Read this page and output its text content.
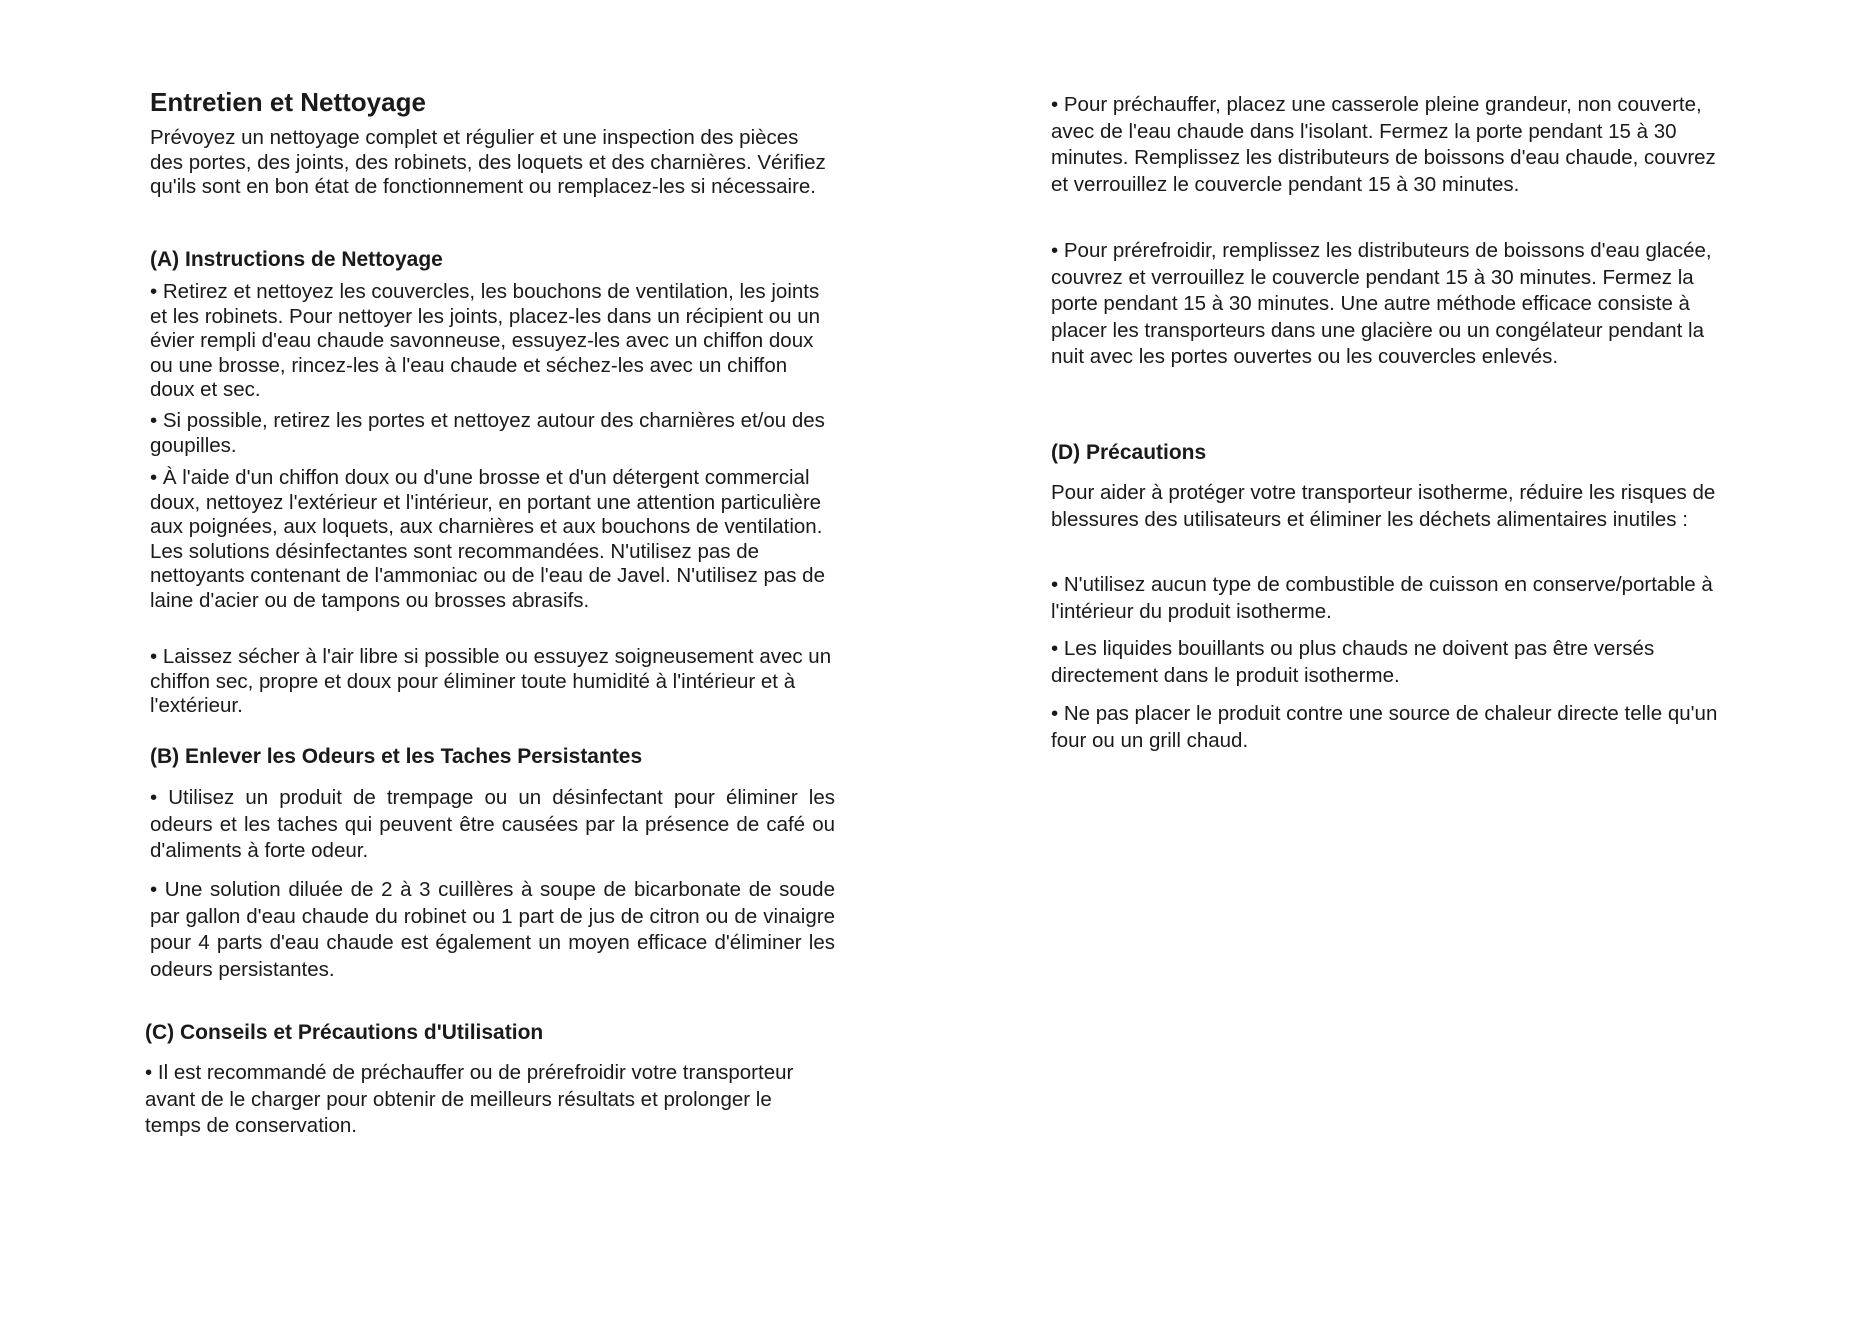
Entretien et Nettoyage

Prévoyez un nettoyage complet et régulier et une inspection des pièces des portes, des joints, des robinets, des loquets et des charnières. Vérifiez qu'ils sont en bon état de fonctionnement ou remplacez-les si nécessaire.

(A) Instructions de Nettoyage

• Retirez et nettoyez les couvercles, les bouchons de ventilation, les joints et les robinets. Pour nettoyer les joints, placez-les dans un récipient ou un évier rempli d'eau chaude savonneuse, essuyez-les avec un chiffon doux ou une brosse, rincez-les à l'eau chaude et séchez-les avec un chiffon doux et sec.

• Si possible, retirez les portes et nettoyez autour des charnières et/ou des goupilles.

• À l'aide d'un chiffon doux ou d'une brosse et d'un détergent commercial doux, nettoyez l'extérieur et l'intérieur, en portant une attention particulière aux poignées, aux loquets, aux charnières et aux bouchons de ventilation. Les solutions désinfectantes sont recommandées. N'utilisez pas de nettoyants contenant de l'ammoniac ou de l'eau de Javel. N'utilisez pas de laine d'acier ou de tampons ou brosses abrasifs.

• Laissez sécher à l'air libre si possible ou essuyez soigneusement avec un chiffon sec, propre et doux pour éliminer toute humidité à l'intérieur et à l'extérieur.

(B) Enlever les Odeurs et les Taches Persistantes

• Utilisez un produit de trempage ou un désinfectant pour éliminer les odeurs et les taches qui peuvent être causées par la présence de café ou d'aliments à forte odeur.

• Une solution diluée de 2 à 3 cuillères à soupe de bicarbonate de soude par gallon d'eau chaude du robinet ou 1 part de jus de citron ou de vinaigre pour 4 parts d'eau chaude est également un moyen efficace d'éliminer les odeurs persistantes.

(C) Conseils et Précautions d'Utilisation

• Il est recommandé de préchauffer ou de prérefroidir votre transporteur avant de le charger pour obtenir de meilleurs résultats et prolonger le temps de conservation.

• Pour préchauffer, placez une casserole pleine grandeur, non couverte, avec de l'eau chaude dans l'isolant. Fermez la porte pendant 15 à 30 minutes. Remplissez les distributeurs de boissons d'eau chaude, couvrez et verrouillez le couvercle pendant 15 à 30 minutes.

• Pour prérefroidir, remplissez les distributeurs de boissons d'eau glacée, couvrez et verrouillez le couvercle pendant 15 à 30 minutes. Fermez la porte pendant 15 à 30 minutes. Une autre méthode efficace consiste à placer les transporteurs dans une glacière ou un congélateur pendant la nuit avec les portes ouvertes ou les couvercles enlevés.

(D) Précautions

Pour aider à protéger votre transporteur isotherme, réduire les risques de blessures des utilisateurs et éliminer les déchets alimentaires inutiles :

• N'utilisez aucun type de combustible de cuisson en conserve/portable à l'intérieur du produit isotherme.

• Les liquides bouillants ou plus chauds ne doivent pas être versés directement dans le produit isotherme.

• Ne pas placer le produit contre une source de chaleur directe telle qu'un four ou un grill chaud.
